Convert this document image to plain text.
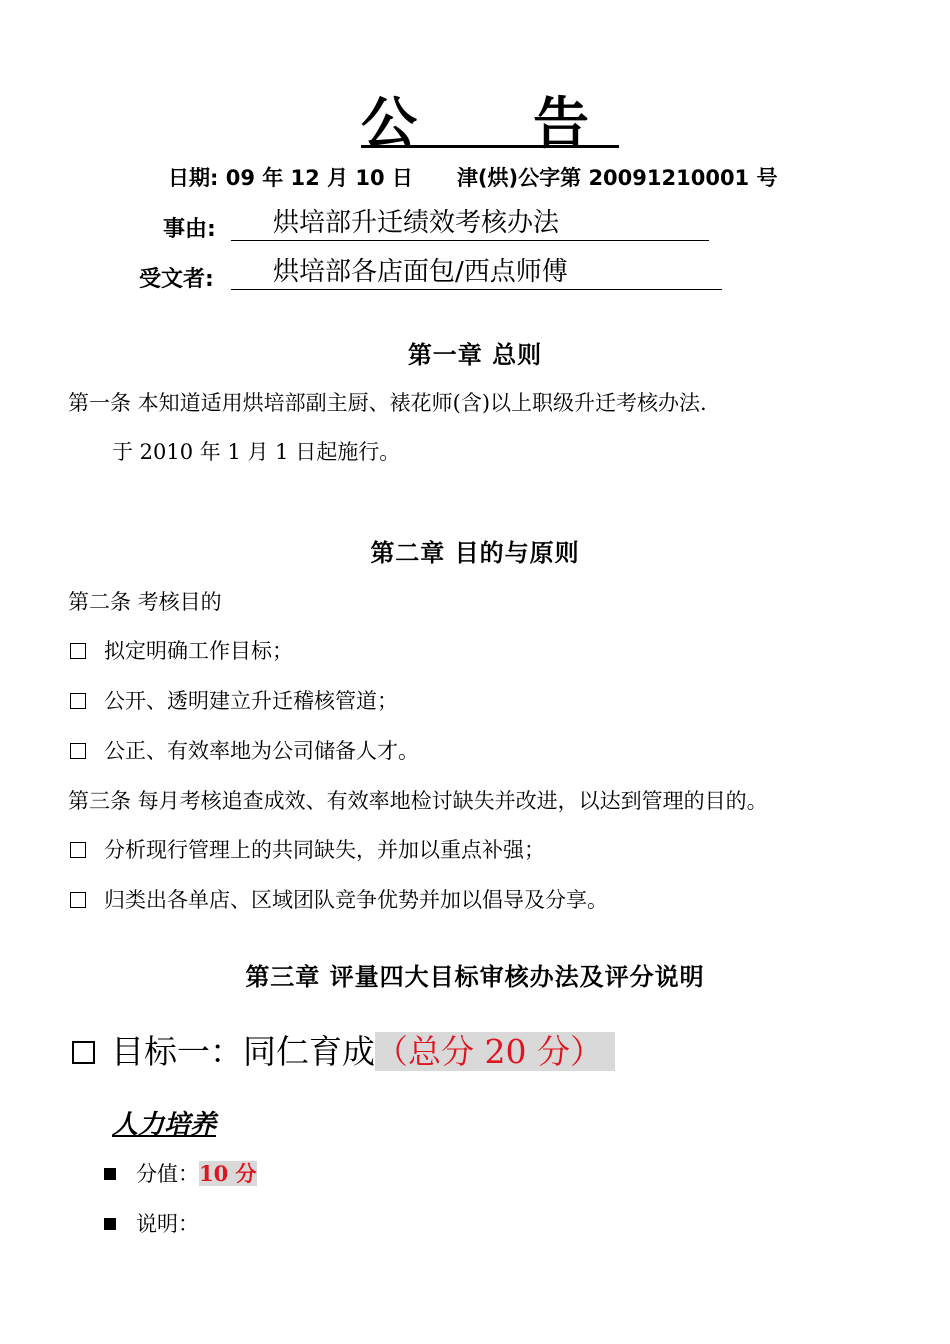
公　告
日期: 09 年 12 月 10 日 津(烘)公字第 20091210001 号
事由:	烘培部升迁绩效考核办法
受文者:	烘培部各店面包/西点师傅
第一章 总则
第一条 本知道适用烘培部副主厨、裱花师(含)以上职级升迁考核办法.
于 2010 年 1 月 1 日起施行。
第二章 目的与原则
第二条 考核目的
拟定明确工作目标；
公开、透明建立升迁稽核管道；
公正、有效率地为公司储备人才。
第三条 每月考核追查成效、有效率地检讨缺失并改进，以达到管理的目的。
分析现行管理上的共同缺失，并加以重点补强；
归类出各单店、区域团队竞争优势并加以倡导及分享。
第三章 评量四大目标审核办法及评分说明
目标一：同仁育成（总分 20 分）
人力培养
分值：10 分
说明：
